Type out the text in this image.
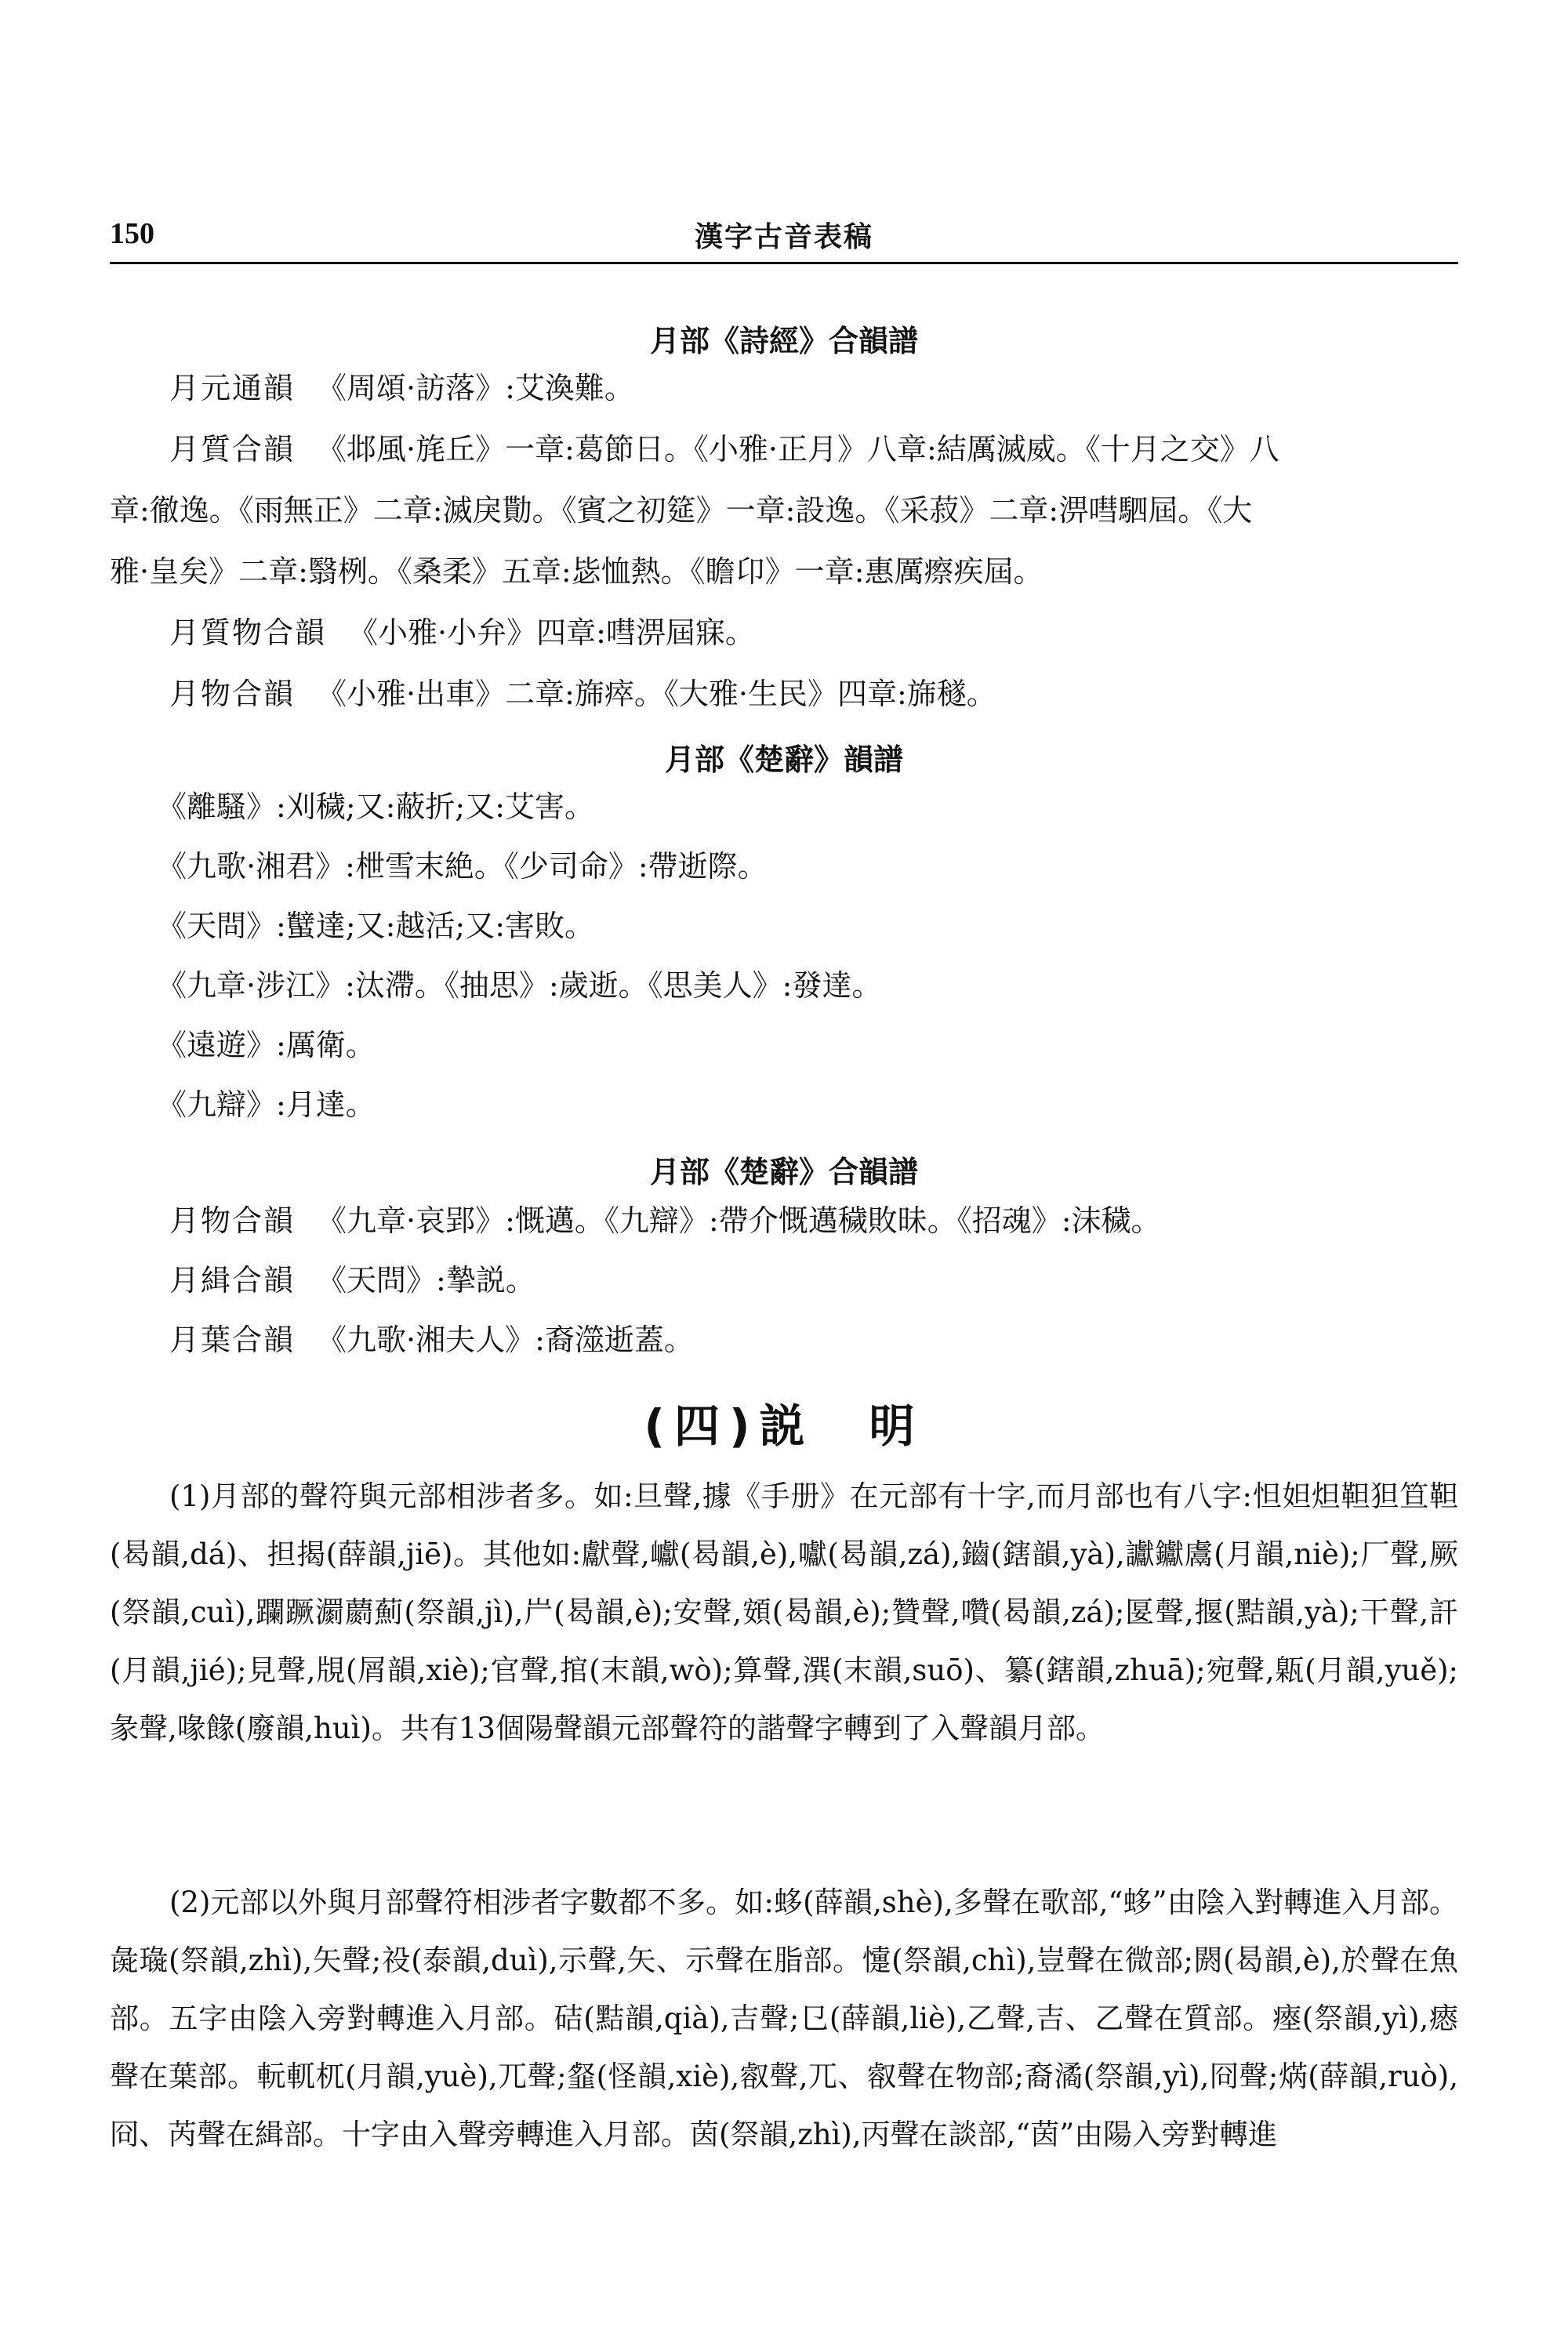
150	漢字古音表稿
月部《詩經》合韻譜
月元通韻 《周頌·訪落》:艾渙難。
月質合韻 《邶風·旄丘》一章:葛節日。《小雅·正月》八章:結厲滅威。《十月之交》八
章:徹逸。《雨無正》二章:滅戾勩。《賓之初筵》一章:設逸。《采菽》二章:淠嘒駟屆。《大
雅·皇矣》二章:翳栵。《桑柔》五章:毖恤熱。《瞻卬》一章:惠厲瘵疾屆。
月質物合韻 《小雅·小弁》四章:嘒淠屆寐。
月物合韻 《小雅·出車》二章:旆瘁。《大雅·生民》四章:旆穟。
月部《楚辭》韻譜
《離騷》:刈穢;又:蔽折;又:艾害。
《九歌·湘君》:枻雪末絶。《少司命》:帶逝際。
《天問》:蠥達;又:越活;又:害敗。
《九章·涉江》:汰滯。《抽思》:歲逝。《思美人》:發達。
《遠遊》:厲衛。
《九辯》:月達。
月部《楚辭》合韻譜
月物合韻 《九章·哀郢》:慨邁。《九辯》:帶介慨邁穢敗昧。《招魂》:沫穢。
月緝合韻 《天問》:摯説。
月葉合韻 《九歌·湘夫人》:裔澨逝蓋。
(四)説　明
(1)月部的聲符與元部相涉者多。如:旦聲,據《手册》在元部有十字,而月部也有八字:怛妲炟靼狚笪靼(曷韻,dá)、担揭(薛韻,jiē)。其他如:獻聲,巘(曷韻,è),囐(曷韻,zá),鑡(鎋韻,yà),讞钀鬳(月韻,niè);厂聲,厥(祭韻,cuì),躝蹶瀱蘮薊(祭韻,jì),屵(曷韻,è);安聲,頞(曷韻,è);贊聲,囋(曷韻,zá);匽聲,揠(黠韻,yà);干聲,訐(月韻,jié);見聲,覑(屑韻,xiè);官聲,捾(末韻,wò);算聲,潠(末韻,suō)、纂(鎋韻,zhuā);宛聲,甈(月韻,yuě);彖聲,喙餯(廢韻,huì)。共有13個陽聲韻元部聲符的諧聲字轉到了入聲韻月部。
(2)元部以外與月部聲符相涉者字數都不多。如:蛥(薛韻,shè),多聲在歌部,“蛥”由陰入對轉進入月部。彘璏(祭韻,zhì),矢聲;祋(泰韻,duì),示聲,矢、示聲在脂部。懥(祭韻,chì),豈聲在微部;閼(曷韻,è),於聲在魚部。五字由陰入旁對轉進入月部。硈(黠韻,qià),吉聲;㔾(薛韻,liè),乙聲,吉、乙聲在質部。瘞(祭韻,yì),瘱聲在葉部。䡇軏杌(月韻,yuè),兀聲;韰(怪韻,xiè),㕡聲,兀、㕡聲在物部;裔潏(祭韻,yì),冏聲;焫(薛韻,ruò),冏、芮聲在緝部。十字由入聲旁轉進入月部。茵(祭韻,zhì),丙聲在談部,“茵”由陽入旁對轉進
